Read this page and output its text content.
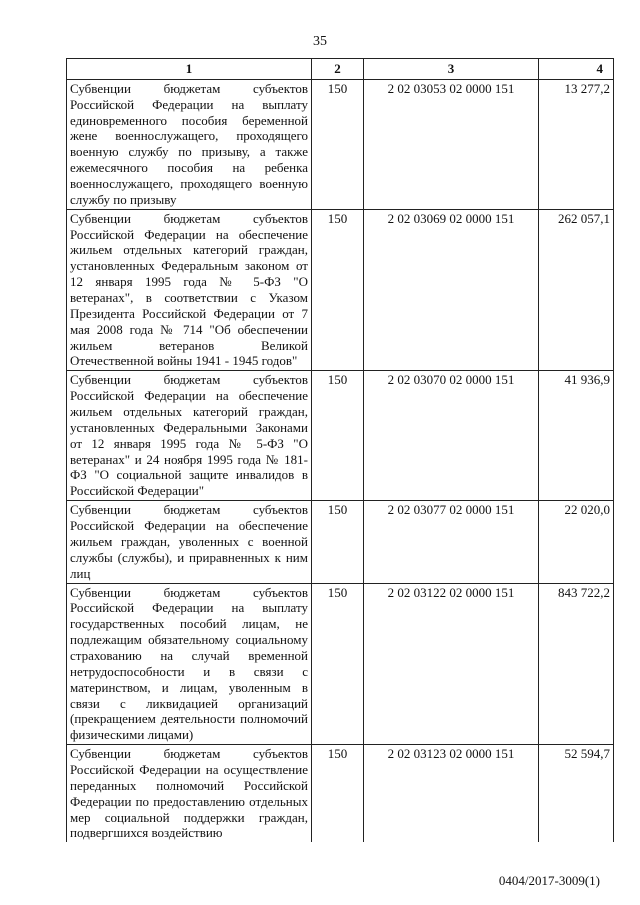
35
1	2	3	4
Субвенции бюджетам субъектов Российской Федерации на выплату единовременного пособия беременной жене военнослужащего, проходящего военную службу по призыву, а также ежемесячного пособия на ребенка военнослужащего, проходящего военную службу по призыву	150	2 02 03053 02 0000 151	13 277,2
Субвенции бюджетам субъектов Российской Федерации на обеспечение жильем отдельных категорий граждан, установленных Федеральным законом от 12 января 1995 года № 5-ФЗ "О ветеранах", в соответствии с Указом Президента Российской Федерации от 7 мая 2008 года № 714 "Об обеспечении жильем ветеранов Великой Отечественной войны 1941 - 1945 годов"	150	2 02 03069 02 0000 151	262 057,1
Субвенции бюджетам субъектов Российской Федерации на обеспечение жильем отдельных категорий граждан, установленных Федеральными Законами от 12 января 1995 года № 5-ФЗ "О ветеранах" и 24 ноября 1995 года № 181-ФЗ "О социальной защите инвалидов в Российской Федерации"	150	2 02 03070 02 0000 151	41 936,9
Субвенции бюджетам субъектов Российской Федерации на обеспечение жильем граждан, уволенных с военной службы (службы), и приравненных к ним лиц	150	2 02 03077 02 0000 151	22 020,0
Субвенции бюджетам субъектов Российской Федерации на выплату государственных пособий лицам, не подлежащим обязательному социальному страхованию на случай временной нетрудоспособности и в связи с материнством, и лицам, уволенным в связи с ликвидацией организаций (прекращением деятельности полномочий физическими лицами)	150	2 02 03122 02 0000 151	843 722,2
Субвенции бюджетам субъектов Российской Федерации на осуществление переданных полномочий Российской Федерации по предоставлению отдельных мер социальной поддержки граждан, подвергшихся воздействию	150	2 02 03123 02 0000 151	52 594,7
0404/2017-3009(1)
